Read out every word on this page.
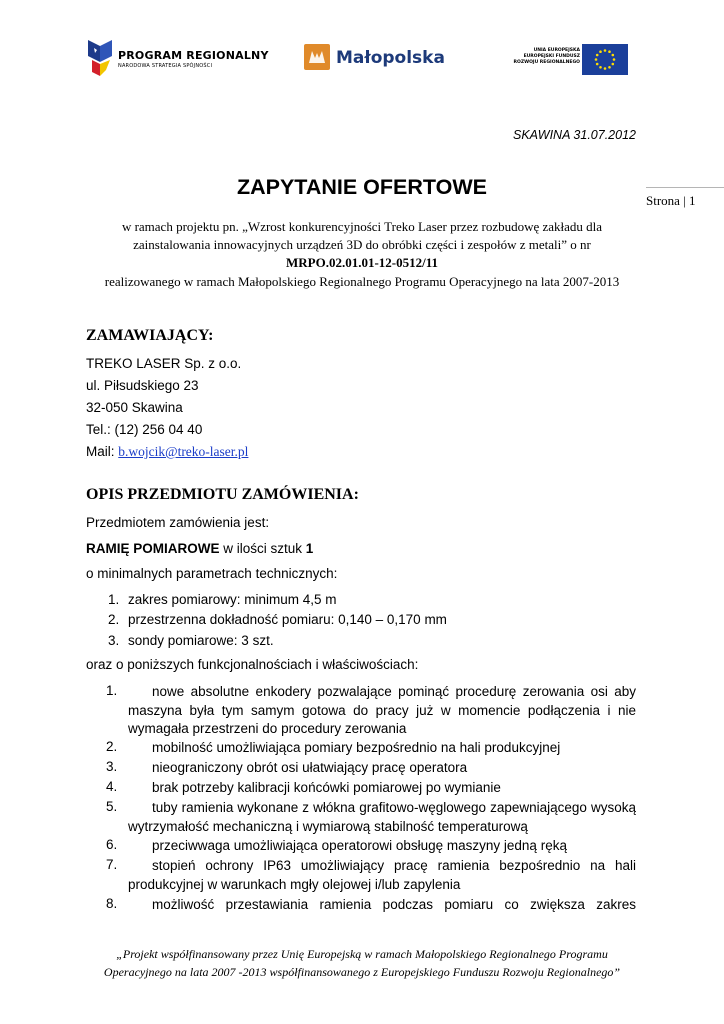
PROGRAM REGIONALNY
NARODOWA STRATEGIA SPÓJNOŚCI	Małopolska	UNIA EUROPEJSKA
EUROPEJSKI FUNDUSZ
ROZWOJU REGIONALNEGO
SKAWINA 31.07.2012
ZAPYTANIE OFERTOWE
Strona | 1
w ramach projektu pn. „Wzrost konkurencyjności Treko Laser przez rozbudowę zakładu dla
zainstalowania innowacyjnych urządzeń 3D do obróbki części i zespołów z metali” o nr
MRPO.02.01.01-12-0512/11
realizowanego w ramach Małopolskiego Regionalnego Programu Operacyjnego na lata 2007-2013
ZAMAWIAJĄCY:
TREKO LASER Sp. z o.o.
ul. Piłsudskiego 23
32-050 Skawina
Tel.: (12) 256 04 40
Mail: b.wojcik@treko-laser.pl
OPIS PRZEDMIOTU ZAMÓWIENIA:
Przedmiotem zamówienia jest:
RAMIĘ POMIAROWE w ilości sztuk 1
o minimalnych parametrach technicznych:
1. zakres pomiarowy: minimum 4,5 m
2. przestrzenna dokładność pomiaru: 0,140 – 0,170 mm
3. sondy pomiarowe: 3 szt.
oraz o poniższych funkcjonalnościach i właściwościach:
1.	nowe absolutne enkodery pozwalające pominąć procedurę zerowania osi aby maszyna była tym samym gotowa do pracy już w momencie podłączenia i nie wymagała przestrzeni do procedury zerowania
2.	mobilność umożliwiająca pomiary bezpośrednio na hali produkcyjnej
3.	nieograniczony obrót osi ułatwiający pracę operatora
4.	brak potrzeby kalibracji końcówki pomiarowej po wymianie
5.	tuby ramienia wykonane z włókna grafitowo-węglowego zapewniającego wysoką wytrzymałość mechaniczną i wymiarową stabilność temperaturową
6.	przeciwwaga umożliwiająca operatorowi obsługę maszyny jedną ręką
7.	stopień ochrony IP63 umożliwiający pracę ramienia bezpośrednio na hali produkcyjnej w warunkach mgły olejowej i/lub zapylenia
8.	możliwość przestawiania ramienia podczas pomiaru co zwiększa zakres
„Projekt współfinansowany przez Unię Europejską w ramach Małopolskiego Regionalnego Programu
Operacyjnego na lata 2007 -2013 współfinansowanego z Europejskiego Funduszu Rozwoju Regionalnego”
